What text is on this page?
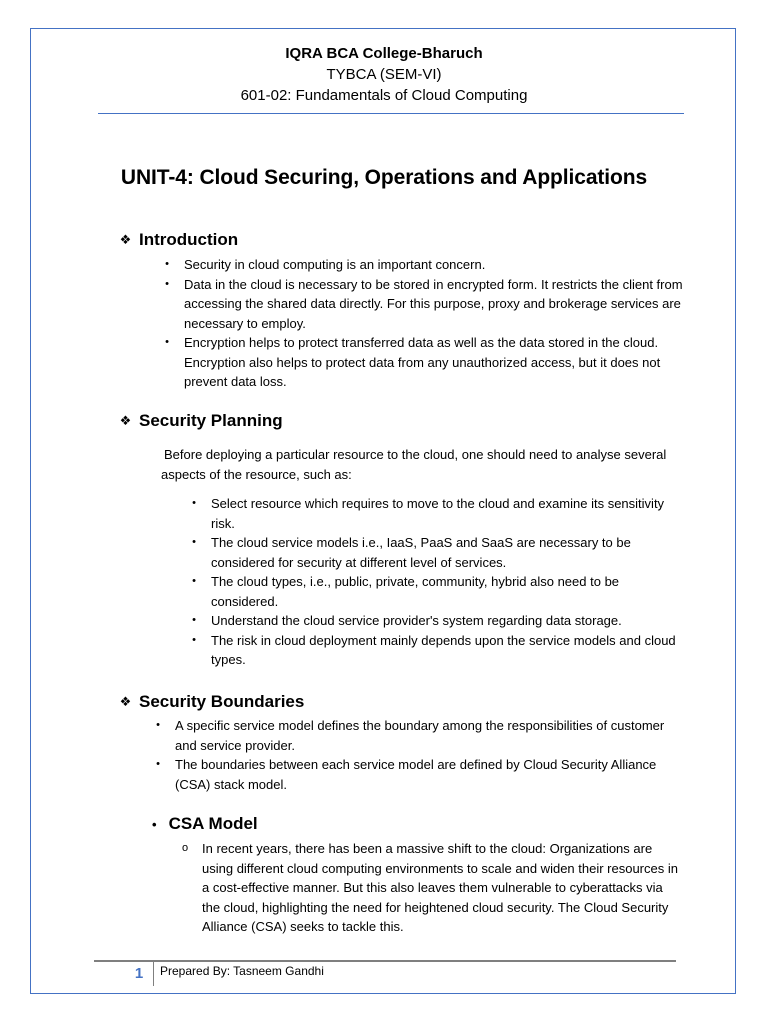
IQRA BCA College-Bharuch
TYBCA (SEM-VI)
601-02: Fundamentals of Cloud Computing
UNIT-4: Cloud Securing, Operations and Applications
❖ Introduction
• Security in cloud computing is an important concern.
• Data in the cloud is necessary to be stored in encrypted form. It restricts the client from accessing the shared data directly. For this purpose, proxy and brokerage services are necessary to employ.
• Encryption helps to protect transferred data as well as the data stored in the cloud. Encryption also helps to protect data from any unauthorized access, but it does not prevent data loss.
❖ Security Planning
Before deploying a particular resource to the cloud, one should need to analyse several aspects of the resource, such as:
• Select resource which requires to move to the cloud and examine its sensitivity risk.
• The cloud service models i.e., IaaS, PaaS and SaaS are necessary to be considered for security at different level of services.
• The cloud types, i.e., public, private, community, hybrid also need to be considered.
• Understand the cloud service provider's system regarding data storage.
• The risk in cloud deployment mainly depends upon the service models and cloud types.
❖ Security Boundaries
• A specific service model defines the boundary among the responsibilities of customer and service provider.
• The boundaries between each service model are defined by Cloud Security Alliance (CSA) stack model.
• CSA Model
o In recent years, there has been a massive shift to the cloud: Organizations are using different cloud computing environments to scale and widen their resources in a cost-effective manner. But this also leaves them vulnerable to cyberattacks via the cloud, highlighting the need for heightened cloud security. The Cloud Security Alliance (CSA) seeks to tackle this.
1	Prepared By: Tasneem Gandhi
